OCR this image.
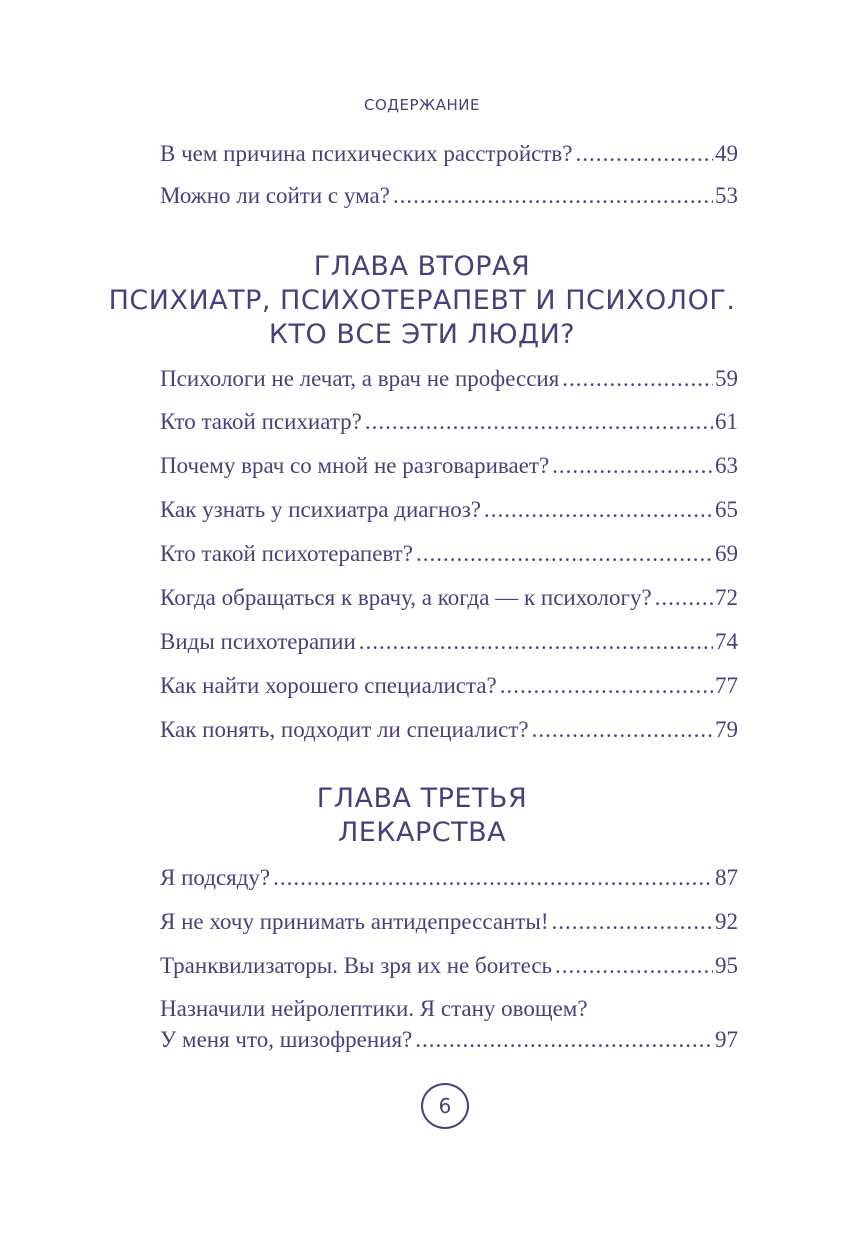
СОДЕРЖАНИЕ
В чем причина психических расстройств? .....	49
Можно ли сойти с ума? .....	53
ГЛАВА ВТОРАЯ
ПСИХИАТР, ПСИХОТЕРАПЕВТ И ПСИХОЛОГ.
КТО ВСЕ ЭТИ ЛЮДИ?
Психологи не лечат, а врач не профессия .....	59
Кто такой психиатр? .....	61
Почему врач со мной не разговаривает? .....	63
Как узнать у психиатра диагноз? .....	65
Кто такой психотерапевт? .....	69
Когда обращаться к врачу, а когда — к психологу? .....	72
Виды психотерапии .....	74
Как найти хорошего специалиста? .....	77
Как понять, подходит ли специалист? .....	79
ГЛАВА ТРЕТЬЯ
ЛЕКАРСТВА
Я подсяду? .....	87
Я не хочу принимать антидепрессанты! .....	92
Транквилизаторы. Вы зря их не боитесь .....	95
Назначили нейролептики. Я стану овощем?
У меня что, шизофрения? .....	97
6
